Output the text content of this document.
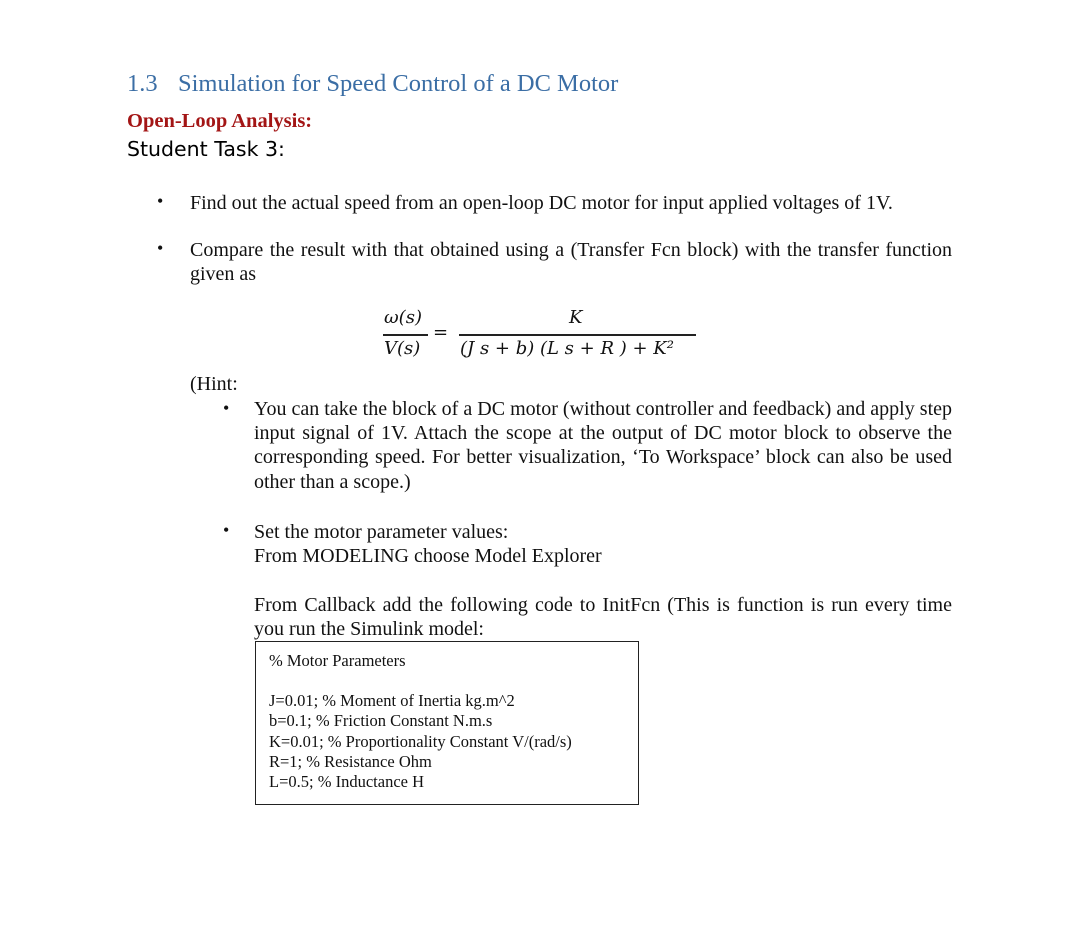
1.3 Simulation for Speed Control of a DC Motor
Open-Loop Analysis:
Student Task 3:
• Find out the actual speed from an open-loop DC motor for input applied voltages of 1V.
• Compare the result with that obtained using a (Transfer Fcn block) with the transfer function given as
ω(s)
V(s)
=
K
(J s + b) (L s + R ) + K²
(Hint:
• You can take the block of a DC motor (without controller and feedback) and apply step input signal of 1V. Attach the scope at the output of DC motor block to observe the corresponding speed. For better visualization, ‘To Workspace’ block can also be used other than a scope.)
• Set the motor parameter values:
From MODELING choose Model Explorer
From Callback add the following code to InitFcn (This is function is run every time you run the Simulink model:
% Motor Parameters
J=0.01; % Moment of Inertia kg.m^2
b=0.1; % Friction Constant N.m.s
K=0.01; % Proportionality Constant V/(rad/s)
R=1; % Resistance Ohm
L=0.5; % Inductance H
